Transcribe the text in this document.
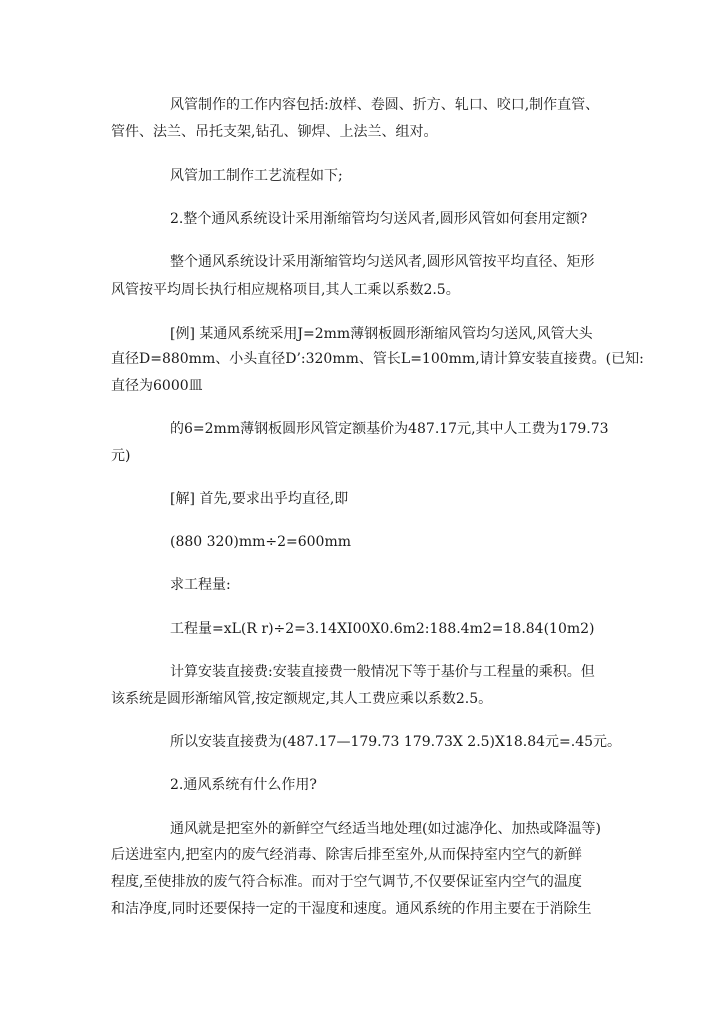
风管制作的工作内容包括:放样、卷圆、折方、轧口、咬口,制作直管、
管件、法兰、吊托支架,钻孔、铆焊、上法兰、组对。
风管加工制作工艺流程如下;
2.整个通风系统设计采用渐缩管均匀送风者,圆形风管如何套用定额?
整个通风系统设计采用渐缩管均匀送风者,圆形风管按平均直径、矩形
风管按平均周长执行相应规格项目,其人工乘以系数2.5。
[例] 某通风系统采用J=2mm薄钢板圆形渐缩风管均匀送风,风管大头
直径D=880mm、小头直径D’:320mm、管长L=100mm,请计算安装直接费。(已知:
直径为6000皿
的6=2mm薄钢板圆形风管定额基价为487.17元,其中人工费为179.73
元)
[解] 首先,要求出乎均直径,即
(880 320)mm÷2=600mm
求工程量:
工程量=xL(R r)÷2=3.14XI00X0.6m2:188.4m2=18.84(10m2)
计算安装直接费:安装直接费一般情况下等于基价与工程量的乘积。但
该系统是圆形渐缩风管,按定额规定,其人工费应乘以系数2.5。
所以安装直接费为(487.17—179.73 179.73X 2.5)X18.84元=.45元。
2.通风系统有什么作用?
通风就是把室外的新鲜空气经适当地处理(如过滤净化、加热或降温等)
后送进室内,把室内的废气经消毒、除害后排至室外,从而保持室内空气的新鲜
程度,至使排放的废气符合标准。而对于空气调节,不仅要保证室内空气的温度
和洁净度,同时还要保持一定的干湿度和速度。通风系统的作用主要在于消除生
